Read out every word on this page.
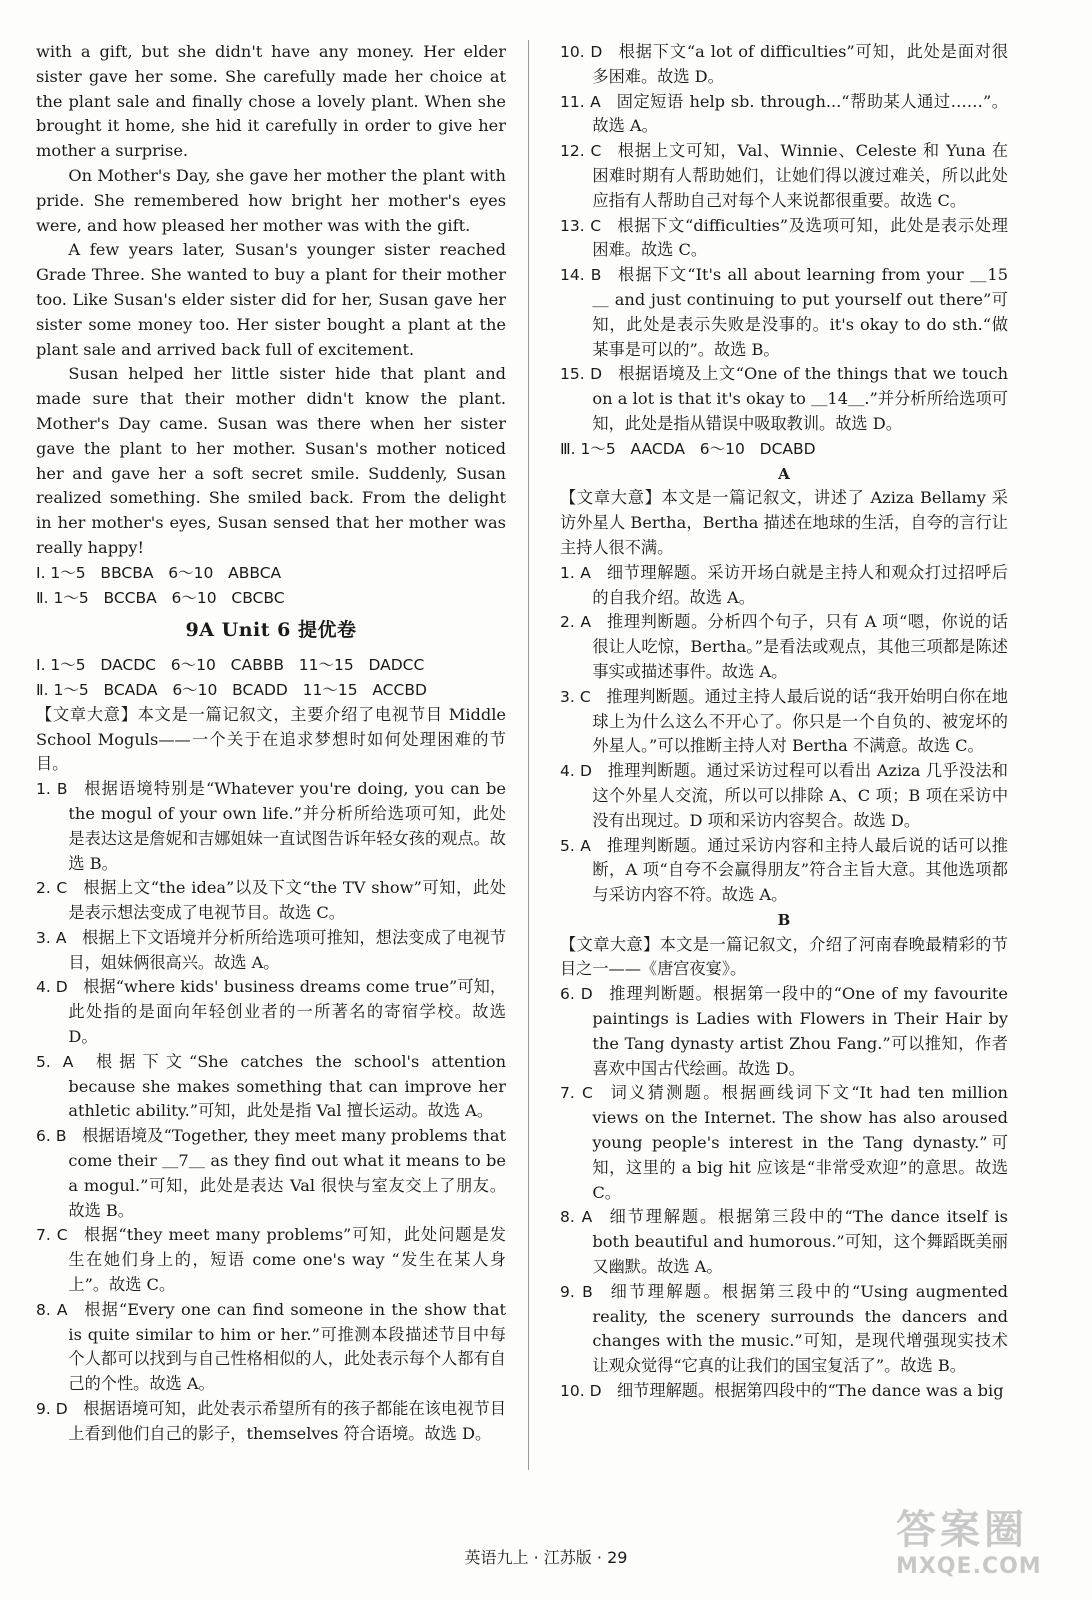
with a gift, but she didn't have any money. Her elder sister gave her some. She carefully made her choice at the plant sale and finally chose a lovely plant. When she brought it home, she hid it carefully in order to give her mother a surprise.

On Mother's Day, she gave her mother the plant with pride. She remembered how bright her mother's eyes were, and how pleased her mother was with the gift.

A few years later, Susan's younger sister reached Grade Three. She wanted to buy a plant for their mother too. Like Susan's elder sister did for her, Susan gave her sister some money too. Her sister bought a plant at the plant sale and arrived back full of excitement.

Susan helped her little sister hide that plant and made sure that their mother didn't know the plant. Mother's Day came. Susan was there when her sister gave the plant to her mother. Susan's mother noticed her and gave her a soft secret smile. Suddenly, Susan realized something. She smiled back. From the delight in her mother's eyes, Susan sensed that her mother was really happy!

Ⅰ. 1～5   BBCBA   6～10   ABBCA

Ⅱ. 1～5   BCCBA   6～10   CBCBC

9A Unit 6 提优卷

Ⅰ. 1～5   DACDC   6～10   CABBB   11～15   DADCC

Ⅱ. 1～5   BCADA   6～10   BCADD   11～15   ACCBD

【文章大意】本文是一篇记叙文，主要介绍了电视节目 Middle School Moguls——一个关于在追求梦想时如何处理困难的节目。

1. B 根据语境特别是“Whatever you're doing, you can be the mogul of your own life.”并分析所给选项可知，此处是表达这是詹妮和吉娜姐妹一直试图告诉年轻女孩的观点。故选 B。

2. C 根据上文“the idea”以及下文“the TV show”可知，此处是表示想法变成了电视节目。故选 C。

3. A 根据上下文语境并分析所给选项可推知，想法变成了电视节目，姐妹俩很高兴。故选 A。

4. D 根据“where kids' business dreams come true”可知，此处指的是面向年轻创业者的一所著名的寄宿学校。故选 D。

5. A 根据下文“She catches the school's attention because she makes something that can improve her athletic ability.”可知，此处是指 Val 擅长运动。故选 A。

6. B 根据语境及“Together, they meet many problems that come their ＿7＿ as they find out what it means to be a mogul.”可知，此处是表达 Val 很快与室友交上了朋友。故选 B。

7. C 根据“they meet many problems”可知，此处问题是发生在她们身上的，短语 come one's way “发生在某人身上”。故选 C。

8. A 根据“Every one can find someone in the show that is quite similar to him or her.”可推测本段描述节目中每个人都可以找到与自己性格相似的人，此处表示每个人都有自己的个性。故选 A。

9. D 根据语境可知，此处表示希望所有的孩子都能在该电视节目上看到他们自己的影子，themselves 符合语境。故选 D。

10. D 根据下文“a lot of difficulties”可知，此处是面对很多困难。故选 D。

11. A 固定短语 help sb. through...“帮助某人通过……”。故选 A。

12. C 根据上文可知，Val、Winnie、Celeste 和 Yuna 在困难时期有人帮助她们，让她们得以渡过难关，所以此处应指有人帮助自己对每个人来说都很重要。故选 C。

13. C 根据下文“difficulties”及选项可知，此处是表示处理困难。故选 C。

14. B 根据下文“It's all about learning from your ＿15＿ and just continuing to put yourself out there”可知，此处是表示失败是没事的。it's okay to do sth.“做某事是可以的”。故选 B。

15. D 根据语境及上文“One of the things that we touch on a lot is that it's okay to ＿14＿.”并分析所给选项可知，此处是指从错误中吸取教训。故选 D。

Ⅲ. 1～5   AACDA   6～10   DCABD

A

【文章大意】本文是一篇记叙文，讲述了 Aziza Bellamy 采访外星人 Bertha，Bertha 描述在地球的生活，自夸的言行让主持人很不满。

1. A 细节理解题。采访开场白就是主持人和观众打过招呼后的自我介绍。故选 A。

2. A 推理判断题。分析四个句子，只有 A 项“嗯，你说的话很让人吃惊，Bertha。”是看法或观点，其他三项都是陈述事实或描述事件。故选 A。

3. C 推理判断题。通过主持人最后说的话“我开始明白你在地球上为什么这么不开心了。你只是一个自负的、被宠坏的外星人。”可以推断主持人对 Bertha 不满意。故选 C。

4. D 推理判断题。通过采访过程可以看出 Aziza 几乎没法和这个外星人交流，所以可以排除 A、C 项；B 项在采访中没有出现过。D 项和采访内容契合。故选 D。

5. A 推理判断题。通过采访内容和主持人最后说的话可以推断，A 项“自夸不会赢得朋友”符合主旨大意。其他选项都与采访内容不符。故选 A。

B

【文章大意】本文是一篇记叙文，介绍了河南春晚最精彩的节目之一——《唐宫夜宴》。

6. D 推理判断题。根据第一段中的“One of my favourite paintings is Ladies with Flowers in Their Hair by the Tang dynasty artist Zhou Fang.”可以推知，作者喜欢中国古代绘画。故选 D。

7. C 词义猜测题。根据画线词下文“It had ten million views on the Internet. The show has also aroused young people's interest in the Tang dynasty.”可知，这里的 a big hit 应该是“非常受欢迎”的意思。故选 C。

8. A 细节理解题。根据第三段中的“The dance itself is both beautiful and humorous.”可知，这个舞蹈既美丽又幽默。故选 A。

9. B 细节理解题。根据第三段中的“Using augmented reality, the scenery surrounds the dancers and changes with the music.”可知，是现代增强现实技术让观众觉得“它真的让我们的国宝复活了”。故选 B。

10. D 细节理解题。根据第四段中的“The dance was a big

英语九上 · 江苏版 · 29
答案圈
MXQE.COM
